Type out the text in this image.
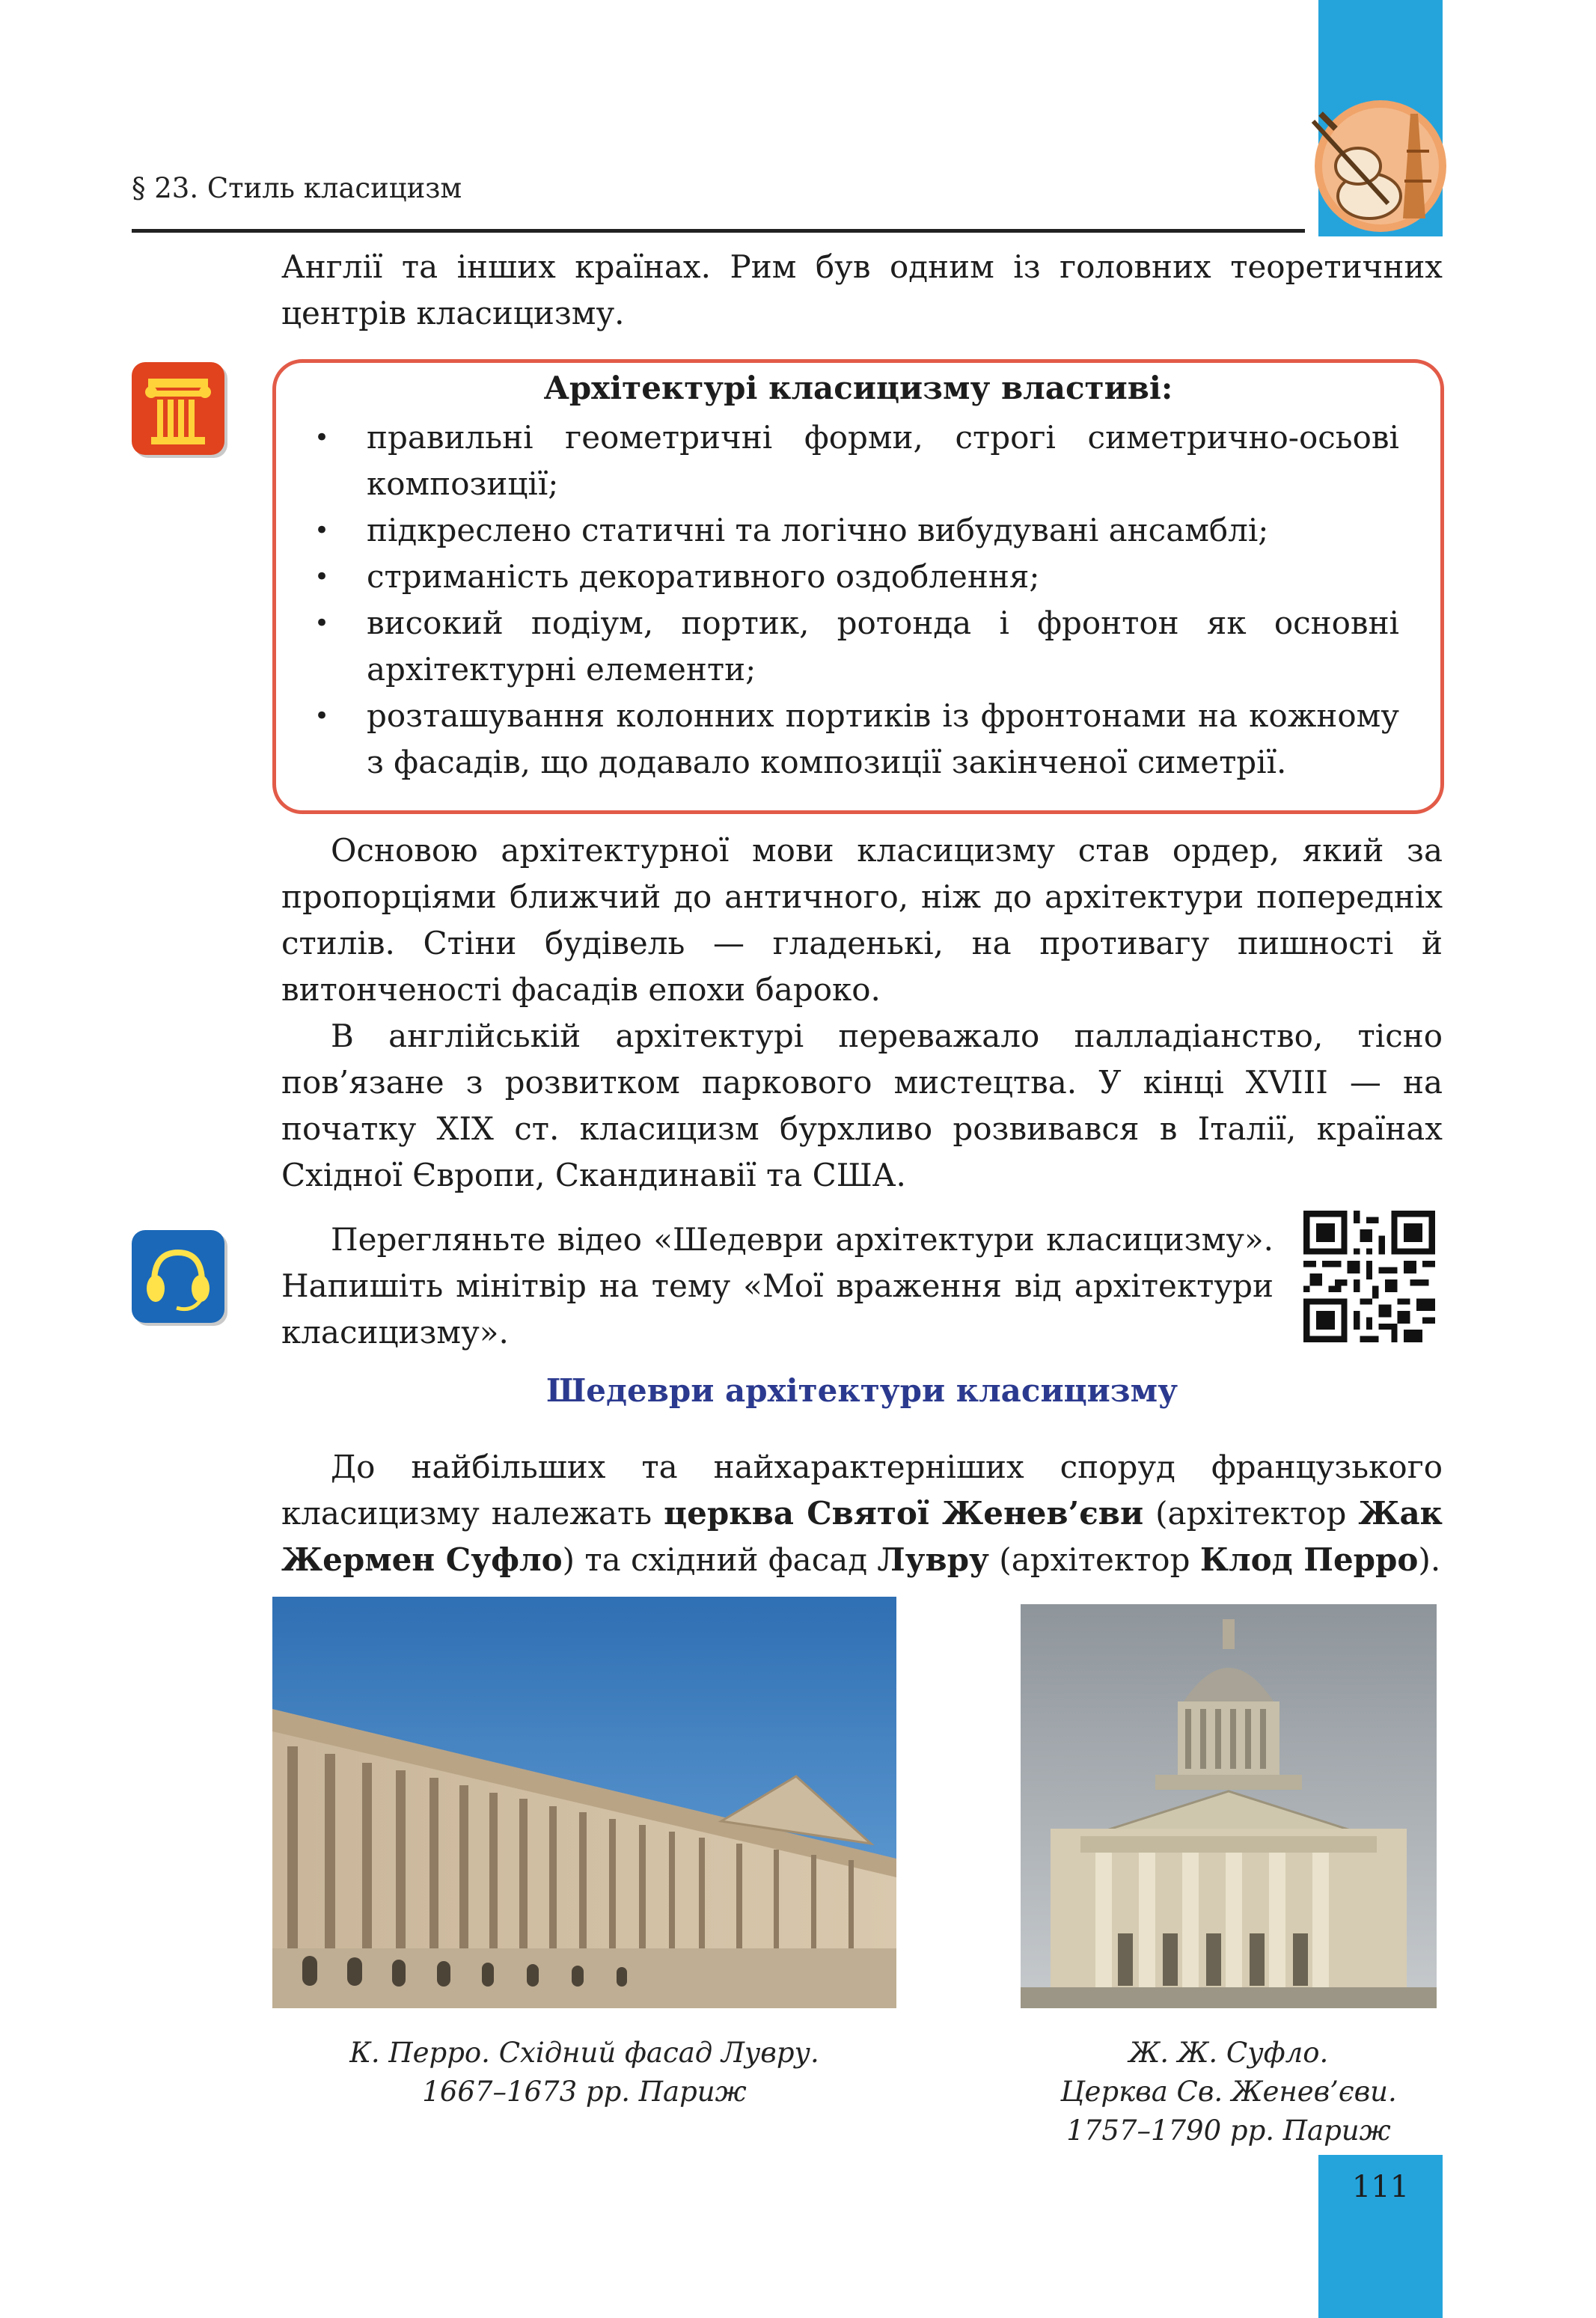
§ 23. Стиль класицизм

Англії та інших країнах. Рим був одним із головних теоретичних центрів класицизму.

Архітектурі класицизму властиві:
• правильні геометричні форми, строгі симетрично-осьові композиції;
• підкреслено статичні та логічно вибудувані ансамблі;
• стриманість декоративного оздоблення;
• високий подіум, портик, ротонда і фронтон як основні архітектурні елементи;
• розташування колонних портиків із фронтонами на кожному з фасадів, що додавало композиції закінченої симетрії.

Основою архітектурної мови класицизму став ордер, який за пропорціями ближчий до античного, ніж до архітектури попередніх стилів. Стіни будівель — гладенькі, на противагу пишності й витонченості фасадів епохи бароко.

В англійській архітектурі переважало палладіанство, тісно пов’язане з розвитком паркового мистецтва. У кінці XVIII — на початку XIX ст. класицизм бурхливо розвивався в Італії, країнах Східної Європи, Скандинавії та США.

Перегляньте відео «Шедеври архітектури класицизму». Напишіть мінітвір на тему «Мої враження від архітектури класицизму».

Шедеври архітектури класицизму

До найбільших та найхарактерніших споруд французького класицизму належать церква Святої Женев’єви (архітектор Жак Жермен Суфло) та східний фасад Лувру (архітектор Клод Перро).

К. Перро. Східний фасад Лувру.
1667–1673 рр. Париж
Ж. Ж. Суфло.
Церква Св. Женев’єви.
1757–1790 рр. Париж
111
